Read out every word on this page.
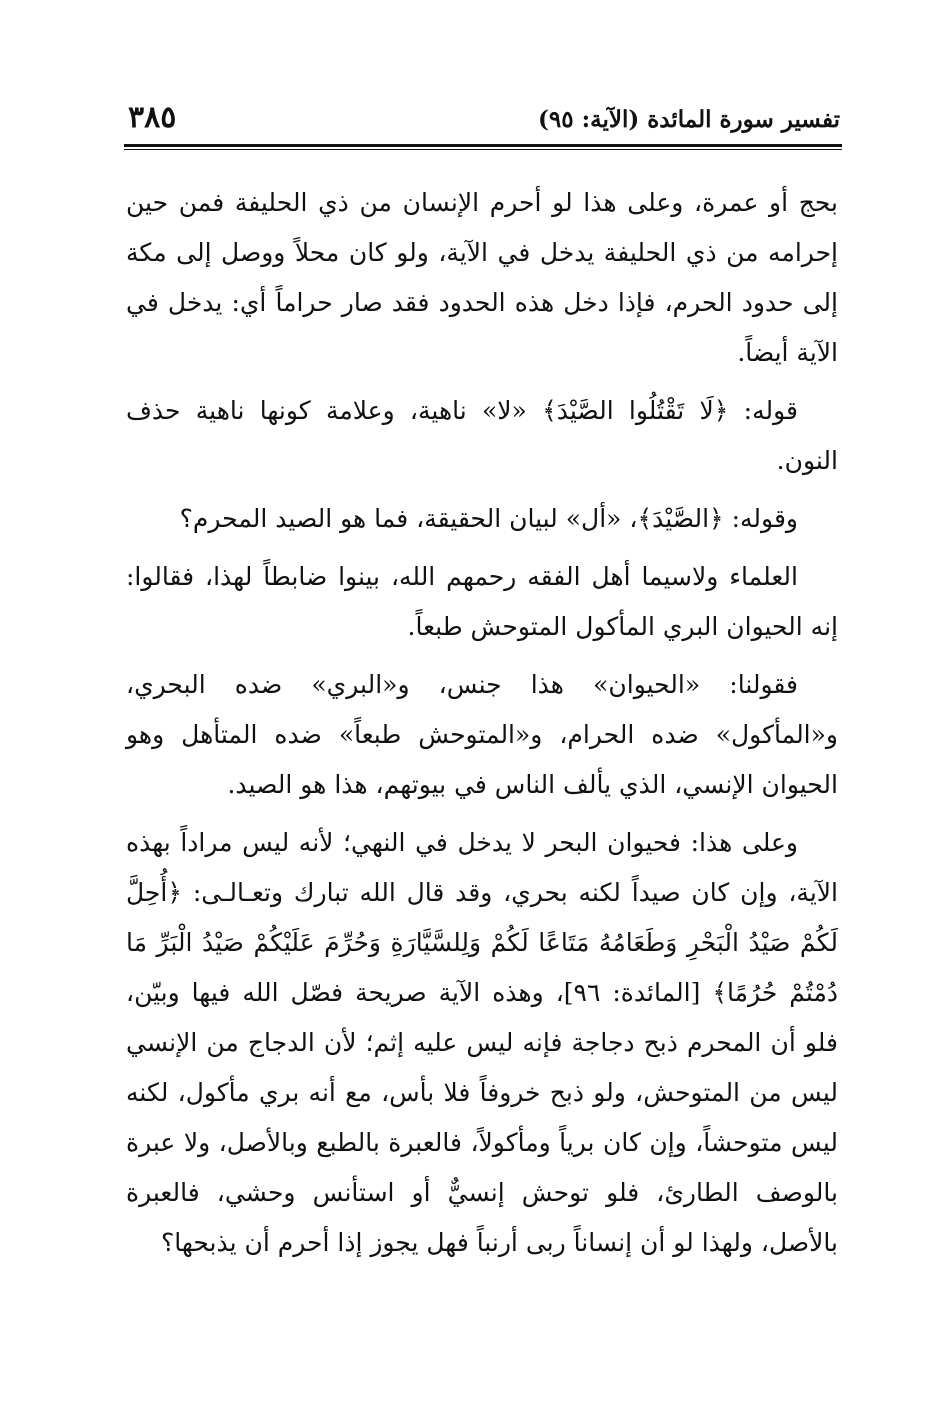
تفسير سورة المائدة (الآية: ٩٥)
٣٨٥

بحج أو عمرة، وعلى هذا لو أحرم الإنسان من ذي الحليفة فمن حين إحرامه من ذي الحليفة يدخل في الآية، ولو كان محلاً ووصل إلى مكة إلى حدود الحرم، فإذا دخل هذه الحدود فقد صار حراماً أي: يدخل في الآية أيضاً.

قوله: ﴿لَا تَقْتُلُوا الصَّيْدَ﴾ «لا» ناهية، وعلامة كونها ناهية حذف النون.

وقوله: ﴿الصَّيْدَ﴾، «أل» لبيان الحقيقة، فما هو الصيد المحرم؟

العلماء ولاسيما أهل الفقه رحمهم الله، بينوا ضابطاً لهذا، فقالوا: إنه الحيوان البري المأكول المتوحش طبعاً.

فقولنا: «الحيوان» هذا جنس، و«البري» ضده البحري، و«المأكول» ضده الحرام، و«المتوحش طبعاً» ضده المتأهل وهو الحيوان الإنسي، الذي يألف الناس في بيوتهم، هذا هو الصيد.

وعلى هذا: فحيوان البحر لا يدخل في النهي؛ لأنه ليس مراداً بهذه الآية، وإن كان صيداً لكنه بحري، وقد قال الله تبارك وتعـالـى: ﴿أُحِلَّ لَكُمْ صَيْدُ الْبَحْرِ وَطَعَامُهُ مَتَاعًا لَكُمْ وَلِلسَّيَّارَةِ وَحُرِّمَ عَلَيْكُمْ صَيْدُ الْبَرِّ مَا دُمْتُمْ حُرُمًا﴾ [المائدة: ٩٦]، وهذه الآية صريحة فصّل الله فيها وبيّن، فلو أن المحرم ذبح دجاجة فإنه ليس عليه إثم؛ لأن الدجاج من الإنسي ليس من المتوحش، ولو ذبح خروفاً فلا بأس، مع أنه بري مأكول، لكنه ليس متوحشاً، وإن كان برياً ومأكولاً، فالعبرة بالطبع وبالأصل، ولا عبرة بالوصف الطارئ، فلو توحش إنسيٌّ أو استأنس وحشي، فالعبرة بالأصل، ولهذا لو أن إنساناً ربى أرنباً فهل يجوز إذا أحرم أن يذبحها؟
